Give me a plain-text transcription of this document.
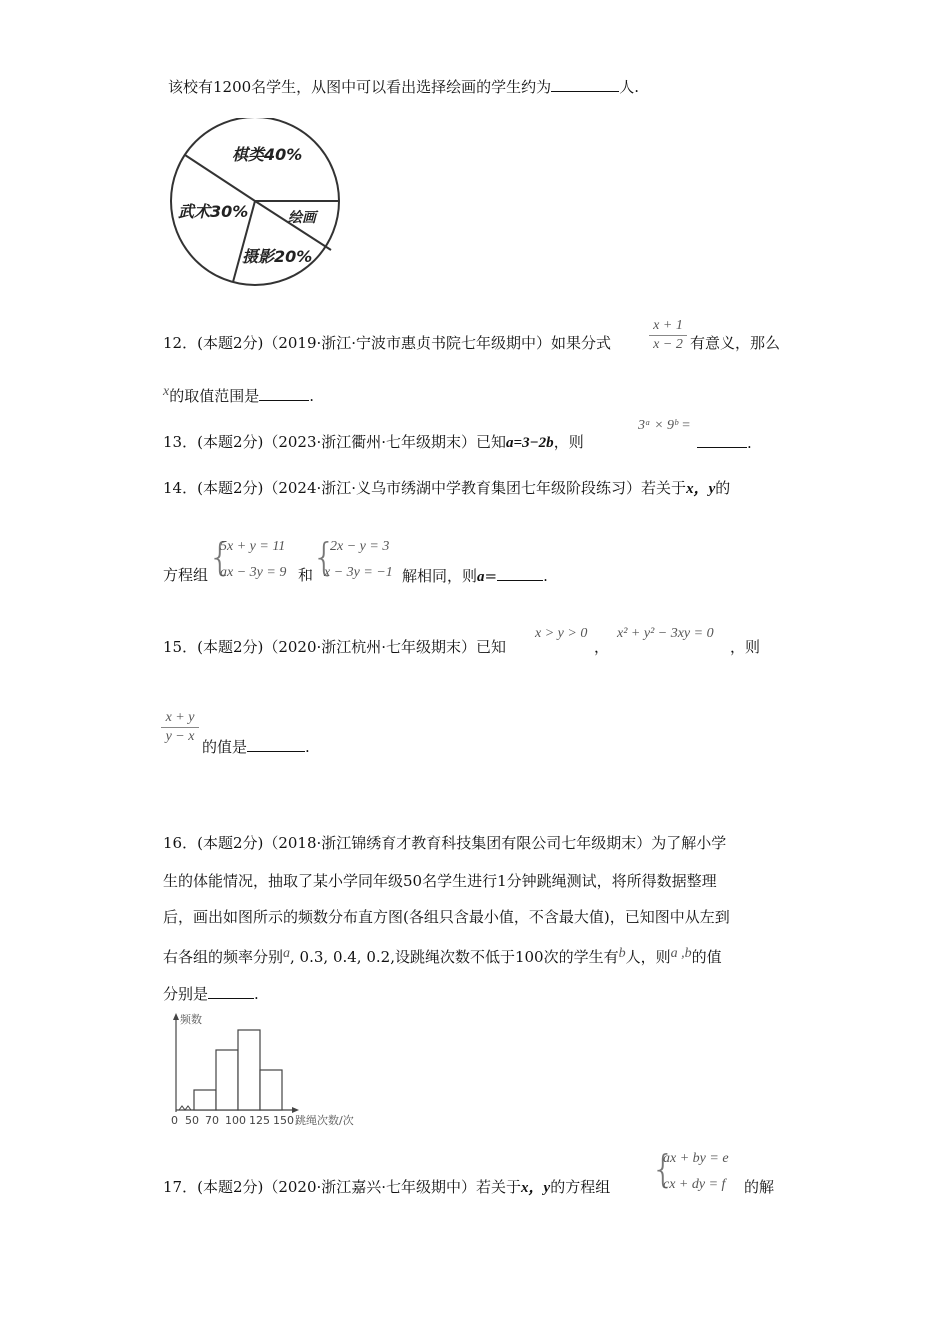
该校有1200名学生，从图中可以看出选择绘画的学生约为	人.
棋类40%
武术30%	绘画
摄影20%
12．(本题2分)（2019·浙江·宁波市惠贞书院七年级期中）如果分式
x + 1
x − 2 有意义，那么
x的取值范围是	.
13．(本题2分)（2023·浙江衢州·七年级期末）已知a=3−2b，则
3ᵃ × 9ᵇ =
.
14．(本题2分)（2024·浙江·义乌市绣湖中学教育集团七年级阶段练习）若关于x，y的
方程组 {
5x + y = 11
ax − 3y = 9 和
{
2x − y = 3
x − 3y = −1 解相同，则a=	.
15．(本题2分)（2020·浙江杭州·七年级期末）已知
x > y > 0
，
x² + y² − 3xy = 0
，则
x + y
y − x
的值是	.
16．(本题2分)（2018·浙江锦绣育才教育科技集团有限公司七年级期末）为了解小学
生的体能情况，抽取了某小学同年级50名学生进行1分钟跳绳测试，将所得数据整理
后，画出如图所示的频数分布直方图(各组只含最小值，不含最大值)，已知图中从左到
右各组的频率分别a, 0.3, 0.4, 0.2,设跳绳次数不低于100次的学生有b人，则a ,b的值
分别是	.
频数
跳绳次数/次
0 50 70 100 125 150
17．(本题2分)（2020·浙江嘉兴·七年级期中）若关于x，y的方程组 {
ax + by = e
cx + dy = f 的解
